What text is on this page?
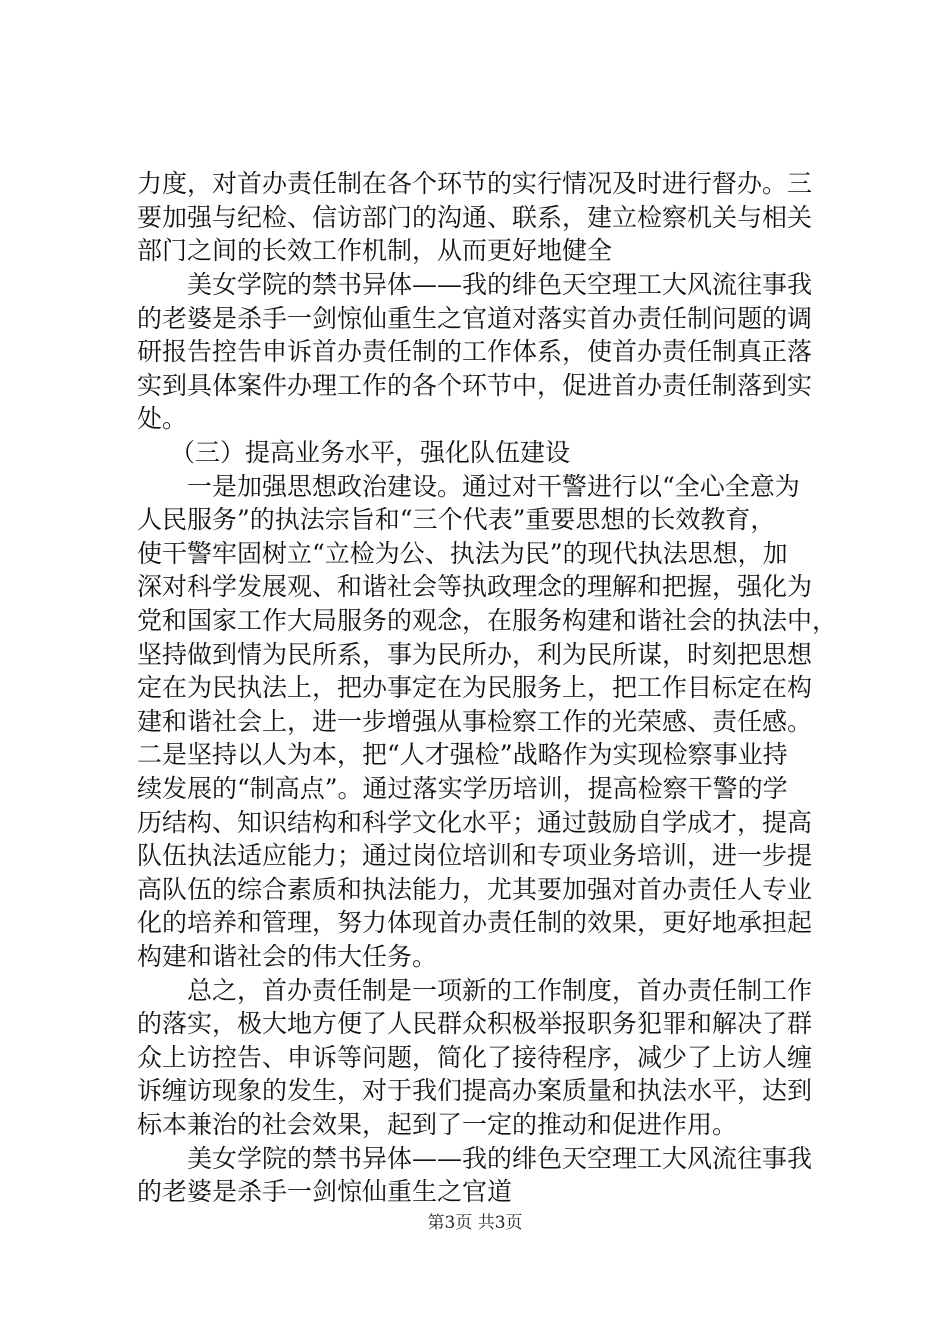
力度，对首办责任制在各个环节的实行情况及时进行督办。三
要加强与纪检、信访部门的沟通、联系，建立检察机关与相关
部门之间的长效工作机制，从而更好地健全
美女学院的禁书异体——我的绯色天空理工大风流往事我
的老婆是杀手一剑惊仙重生之官道对落实首办责任制问题的调
研报告控告申诉首办责任制的工作体系，使首办责任制真正落
实到具体案件办理工作的各个环节中，促进首办责任制落到实
处。
（三）提高业务水平，强化队伍建设
一是加强思想政治建设。通过对干警进行以“全心全意为
人民服务”的执法宗旨和“三个代表”重要思想的长效教育，
使干警牢固树立“立检为公、执法为民”的现代执法思想，加
深对科学发展观、和谐社会等执政理念的理解和把握，强化为
党和国家工作大局服务的观念，在服务构建和谐社会的执法中，
坚持做到情为民所系，事为民所办，利为民所谋，时刻把思想
定在为民执法上，把办事定在为民服务上，把工作目标定在构
建和谐社会上，进一步增强从事检察工作的光荣感、责任感。
二是坚持以人为本，把“人才强检”战略作为实现检察事业持
续发展的“制高点”。通过落实学历培训，提高检察干警的学
历结构、知识结构和科学文化水平；通过鼓励自学成才，提高
队伍执法适应能力；通过岗位培训和专项业务培训，进一步提
高队伍的综合素质和执法能力，尤其要加强对首办责任人专业
化的培养和管理，努力体现首办责任制的效果，更好地承担起
构建和谐社会的伟大任务。
总之，首办责任制是一项新的工作制度，首办责任制工作
的落实，极大地方便了人民群众积极举报职务犯罪和解决了群
众上访控告、申诉等问题，简化了接待程序，减少了上访人缠
诉缠访现象的发生，对于我们提高办案质量和执法水平，达到
标本兼治的社会效果，起到了一定的推动和促进作用。
美女学院的禁书异体——我的绯色天空理工大风流往事我
的老婆是杀手一剑惊仙重生之官道
第3页 共3页
